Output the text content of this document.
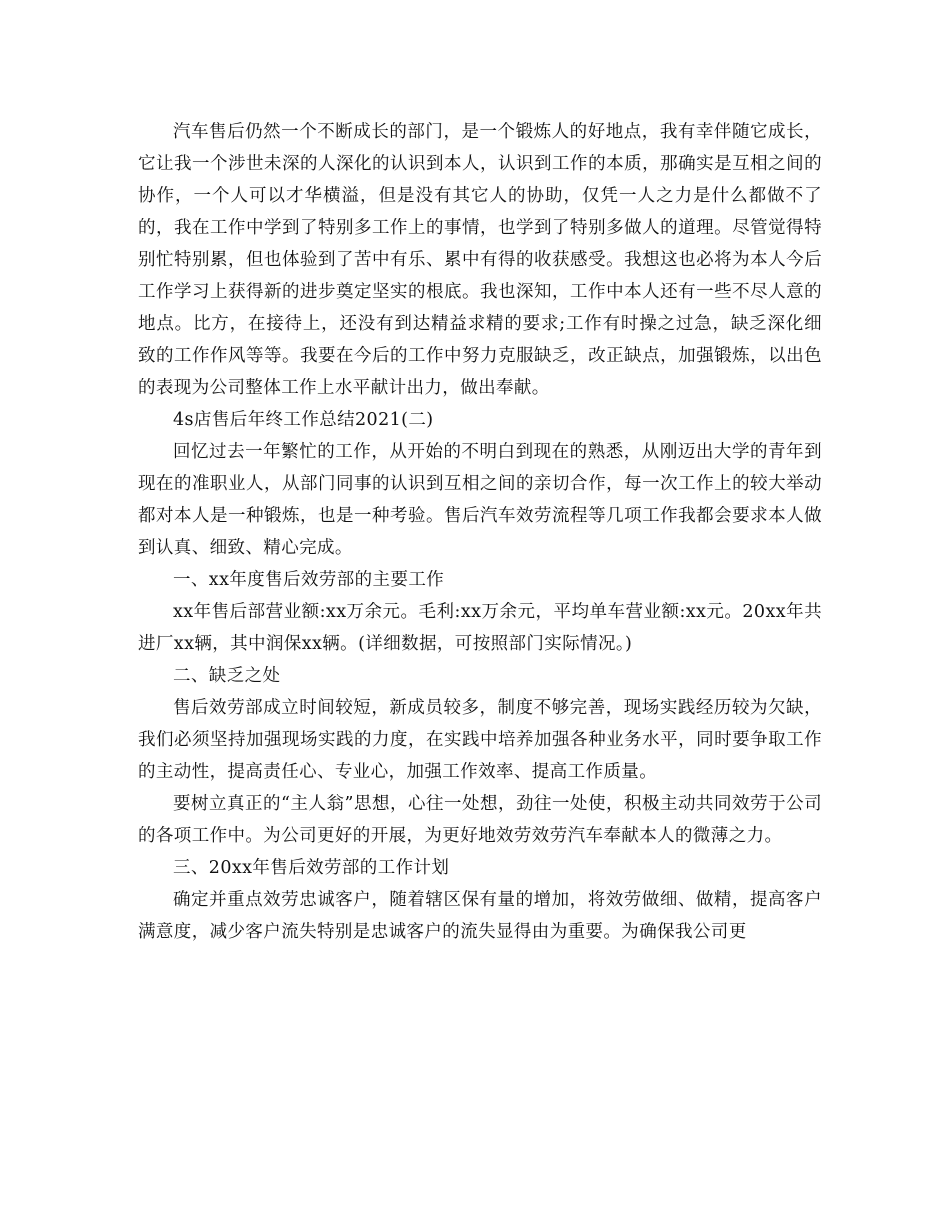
汽车售后仍然一个不断成长的部门，是一个锻炼人的好地点，我有幸伴随它成长，它让我一个涉世未深的人深化的认识到本人，认识到工作的本质，那确实是互相之间的协作，一个人可以才华横溢，但是没有其它人的协助，仅凭一人之力是什么都做不了的，我在工作中学到了特别多工作上的事情，也学到了特别多做人的道理。尽管觉得特别忙特别累，但也体验到了苦中有乐、累中有得的收获感受。我想这也必将为本人今后工作学习上获得新的进步奠定坚实的根底。我也深知，工作中本人还有一些不尽人意的地点。比方，在接待上，还没有到达精益求精的要求;工作有时操之过急，缺乏深化细致的工作作风等等。我要在今后的工作中努力克服缺乏，改正缺点，加强锻炼，以出色的表现为公司整体工作上水平献计出力，做出奉献。

4s店售后年终工作总结2021(二)

回忆过去一年繁忙的工作，从开始的不明白到现在的熟悉，从刚迈出大学的青年到现在的准职业人，从部门同事的认识到互相之间的亲切合作，每一次工作上的较大举动都对本人是一种锻炼，也是一种考验。售后汽车效劳流程等几项工作我都会要求本人做到认真、细致、精心完成。

一、xx年度售后效劳部的主要工作

xx年售后部营业额:xx万余元。毛利:xx万余元，平均单车营业额:xx元。20xx年共进厂xx辆，其中润保xx辆。(详细数据，可按照部门实际情况。)

二、缺乏之处

售后效劳部成立时间较短，新成员较多，制度不够完善，现场实践经历较为欠缺，我们必须坚持加强现场实践的力度，在实践中培养加强各种业务水平，同时要争取工作的主动性，提高责任心、专业心，加强工作效率、提高工作质量。

要树立真正的“主人翁”思想，心往一处想，劲往一处使，积极主动共同效劳于公司的各项工作中。为公司更好的开展，为更好地效劳效劳汽车奉献本人的微薄之力。

三、20xx年售后效劳部的工作计划

确定并重点效劳忠诚客户，随着辖区保有量的增加，将效劳做细、做精，提高客户满意度，减少客户流失特别是忠诚客户的流失显得由为重要。为确保我公司更
